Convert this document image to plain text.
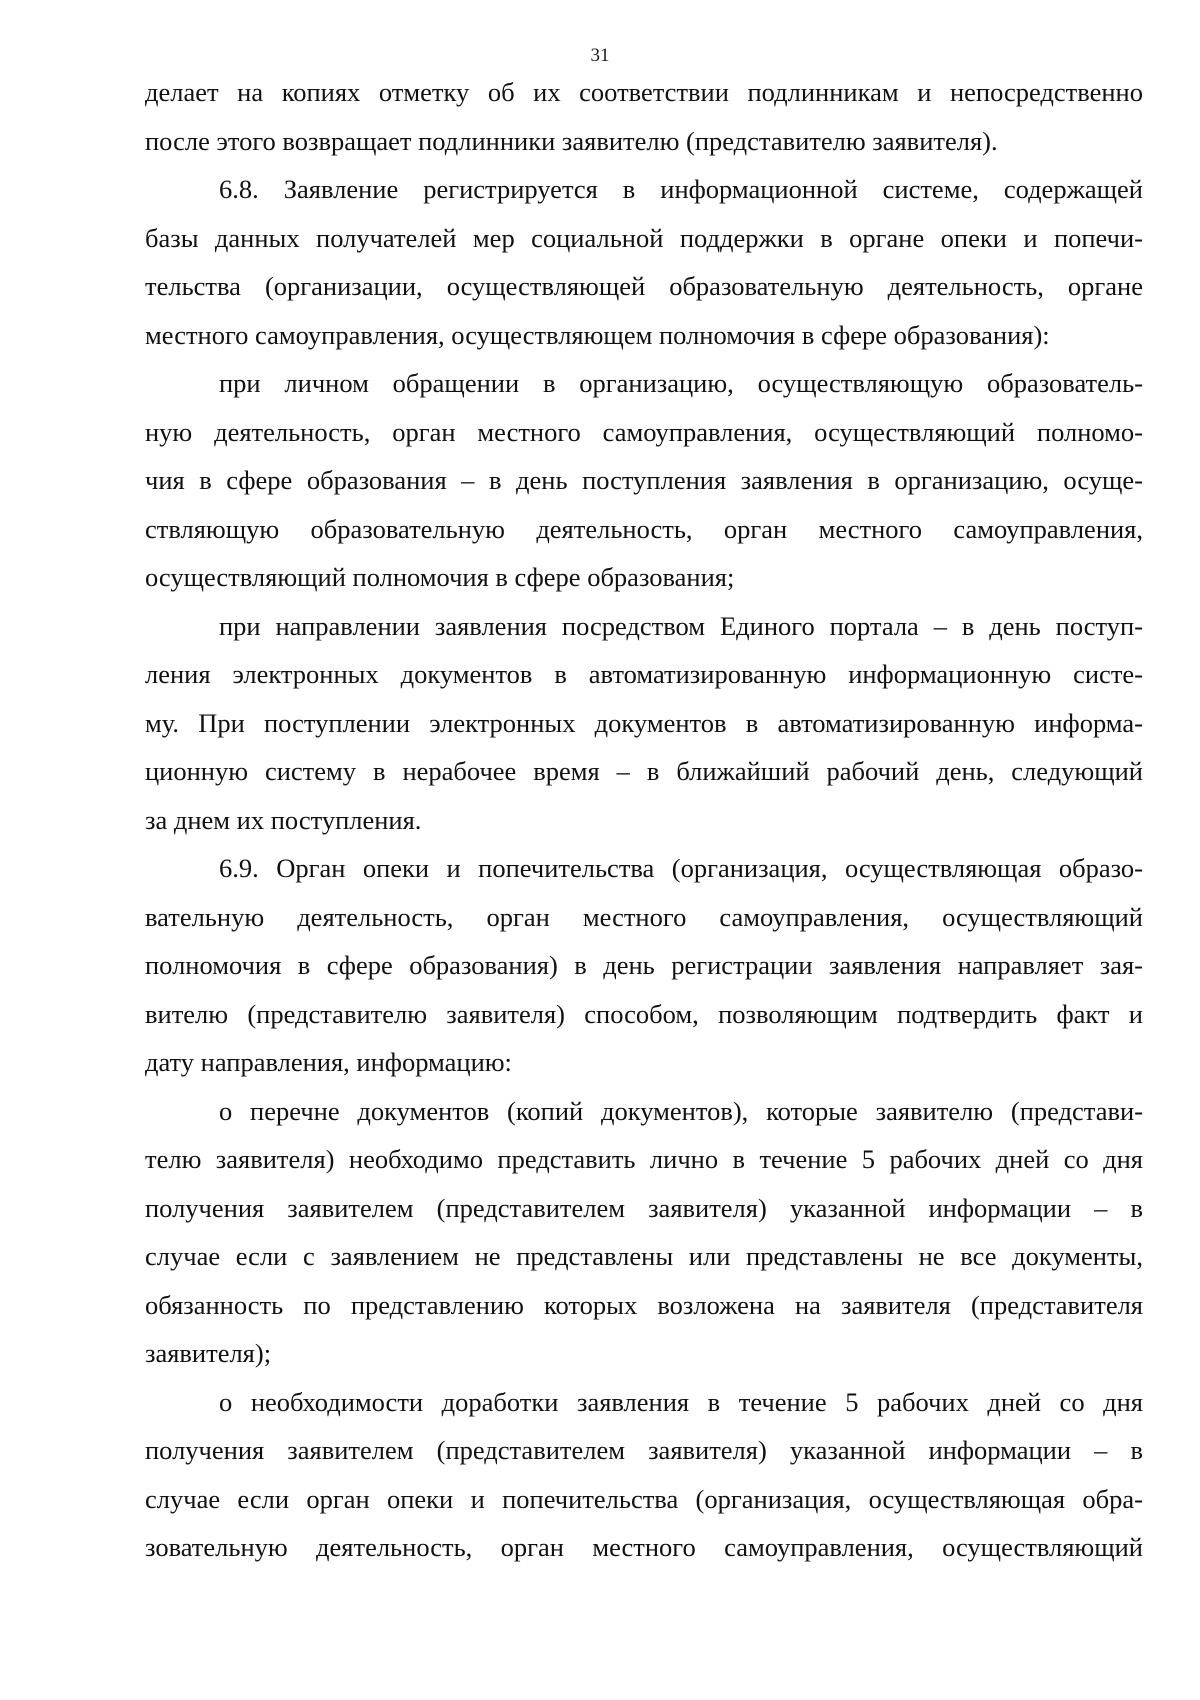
31
делает на копиях отметку об их соответствии подлинникам и непосредственно
после этого возвращает подлинники заявителю (представителю заявителя).
6.8. Заявление регистрируется в информационной системе, содержащей
базы данных получателей мер социальной поддержки в органе опеки и попечи-
тельства (организации, осуществляющей образовательную деятельность, органе
местного самоуправления, осуществляющем полномочия в сфере образования):
при личном обращении в организацию, осуществляющую образователь-
ную деятельность, орган местного самоуправления, осуществляющий полномо-
чия в сфере образования – в день поступления заявления в организацию, осуще-
ствляющую образовательную деятельность, орган местного самоуправления,
осуществляющий полномочия в сфере образования;
при направлении заявления посредством Единого портала – в день поступ-
ления электронных документов в автоматизированную информационную систе-
му. При поступлении электронных документов в автоматизированную информа-
ционную систему в нерабочее время – в ближайший рабочий день, следующий
за днем их поступления.
6.9. Орган опеки и попечительства (организация, осуществляющая образо-
вательную деятельность, орган местного самоуправления, осуществляющий
полномочия в сфере образования) в день регистрации заявления направляет зая-
вителю (представителю заявителя) способом, позволяющим подтвердить факт и
дату направления, информацию:
о перечне документов (копий документов), которые заявителю (представи-
телю заявителя) необходимо представить лично в течение 5 рабочих дней со дня
получения заявителем (представителем заявителя) указанной информации – в
случае если с заявлением не представлены или представлены не все документы,
обязанность по представлению которых возложена на заявителя (представителя
заявителя);
о необходимости доработки заявления в течение 5 рабочих дней со дня
получения заявителем (представителем заявителя) указанной информации – в
случае если орган опеки и попечительства (организация, осуществляющая обра-
зовательную деятельность, орган местного самоуправления, осуществляющий
